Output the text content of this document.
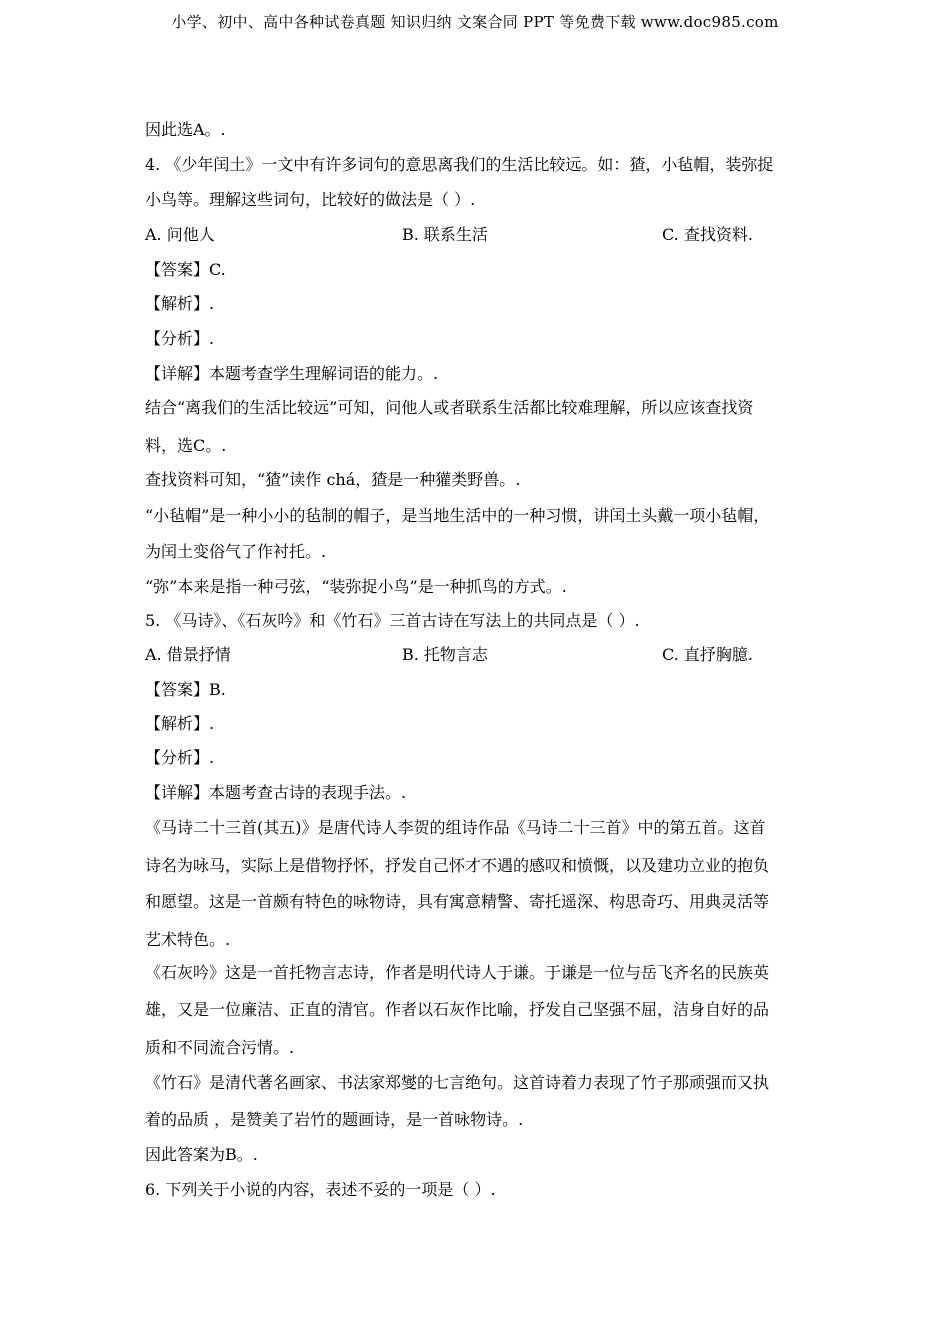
小学、初中、高中各种试卷真题 知识归纳 文案合同 PPT 等免费下载 www.doc985.com
因此选A。.
4. 《少年闰土》一文中有许多词句的意思离我们的生活比较远。如：猹，小毡帽，装弥捉
小鸟等。理解这些词句，比较好的做法是（ ）.
A. 问他人	B. 联系生活	C. 查找资料.
【答案】C.
【解析】.
【分析】.
【详解】本题考查学生理解词语的能力。.
结合“离我们的生活比较远”可知，问他人或者联系生活都比较难理解，所以应该查找资
料，选C。.
查找资料可知，“猹”读作 chá，猹是一种獾类野兽。.
“小毡帽”是一种小小的毡制的帽子，是当地生活中的一种习惯，讲闰土头戴一项小毡帽，
为闰土变俗气了作衬托。.
“弥”本来是指一种弓弦，“装弥捉小鸟”是一种抓鸟的方式。.
5. 《马诗》、《石灰吟》和《竹石》三首古诗在写法上的共同点是（ ）.
A. 借景抒情	B. 托物言志	C. 直抒胸臆.
【答案】B.
【解析】.
【分析】.
【详解】本题考查古诗的表现手法。.
《马诗二十三首(其五)》是唐代诗人李贺的组诗作品《马诗二十三首》中的第五首。这首
诗名为咏马，实际上是借物抒怀，抒发自己怀才不遇的感叹和愤慨，以及建功立业的抱负
和愿望。这是一首颇有特色的咏物诗，具有寓意精警、寄托遥深、构思奇巧、用典灵活等
艺术特色。.
《石灰吟》这是一首托物言志诗，作者是明代诗人于谦。于谦是一位与岳飞齐名的民族英
雄，又是一位廉洁、正直的清官。作者以石灰作比喻，抒发自己坚强不屈，洁身自好的品
质和不同流合污情。.
《竹石》是清代著名画家、书法家郑燮的七言绝句。这首诗着力表现了竹子那顽强而又执
着的品质 ，是赞美了岩竹的题画诗，是一首咏物诗。.
因此答案为B。.
6. 下列关于小说的内容，表述不妥的一项是（ ）.
